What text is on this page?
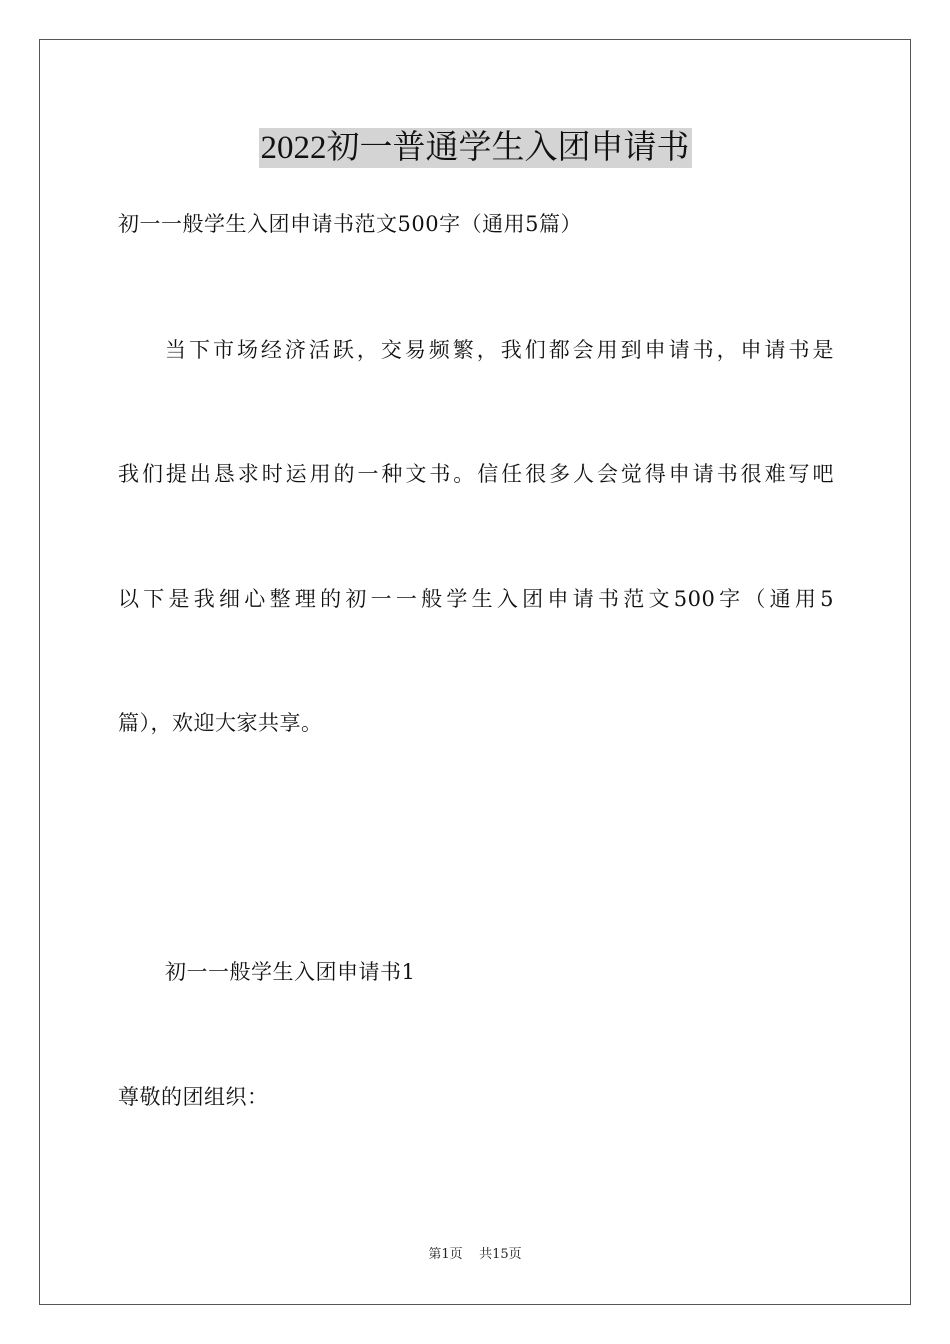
2022初一普通学生入团申请书
初一一般学生入团申请书范文500字（通用5篇）
当下市场经济活跃，交易频繁，我们都会用到申请书，申请书是
我们提出恳求时运用的一种文书。信任很多人会觉得申请书很难写吧
以下是我细心整理的初一一般学生入团申请书范文500字（通用5
篇），欢迎大家共享。
初一一般学生入团申请书1
尊敬的团组织：
第1页 共15页
